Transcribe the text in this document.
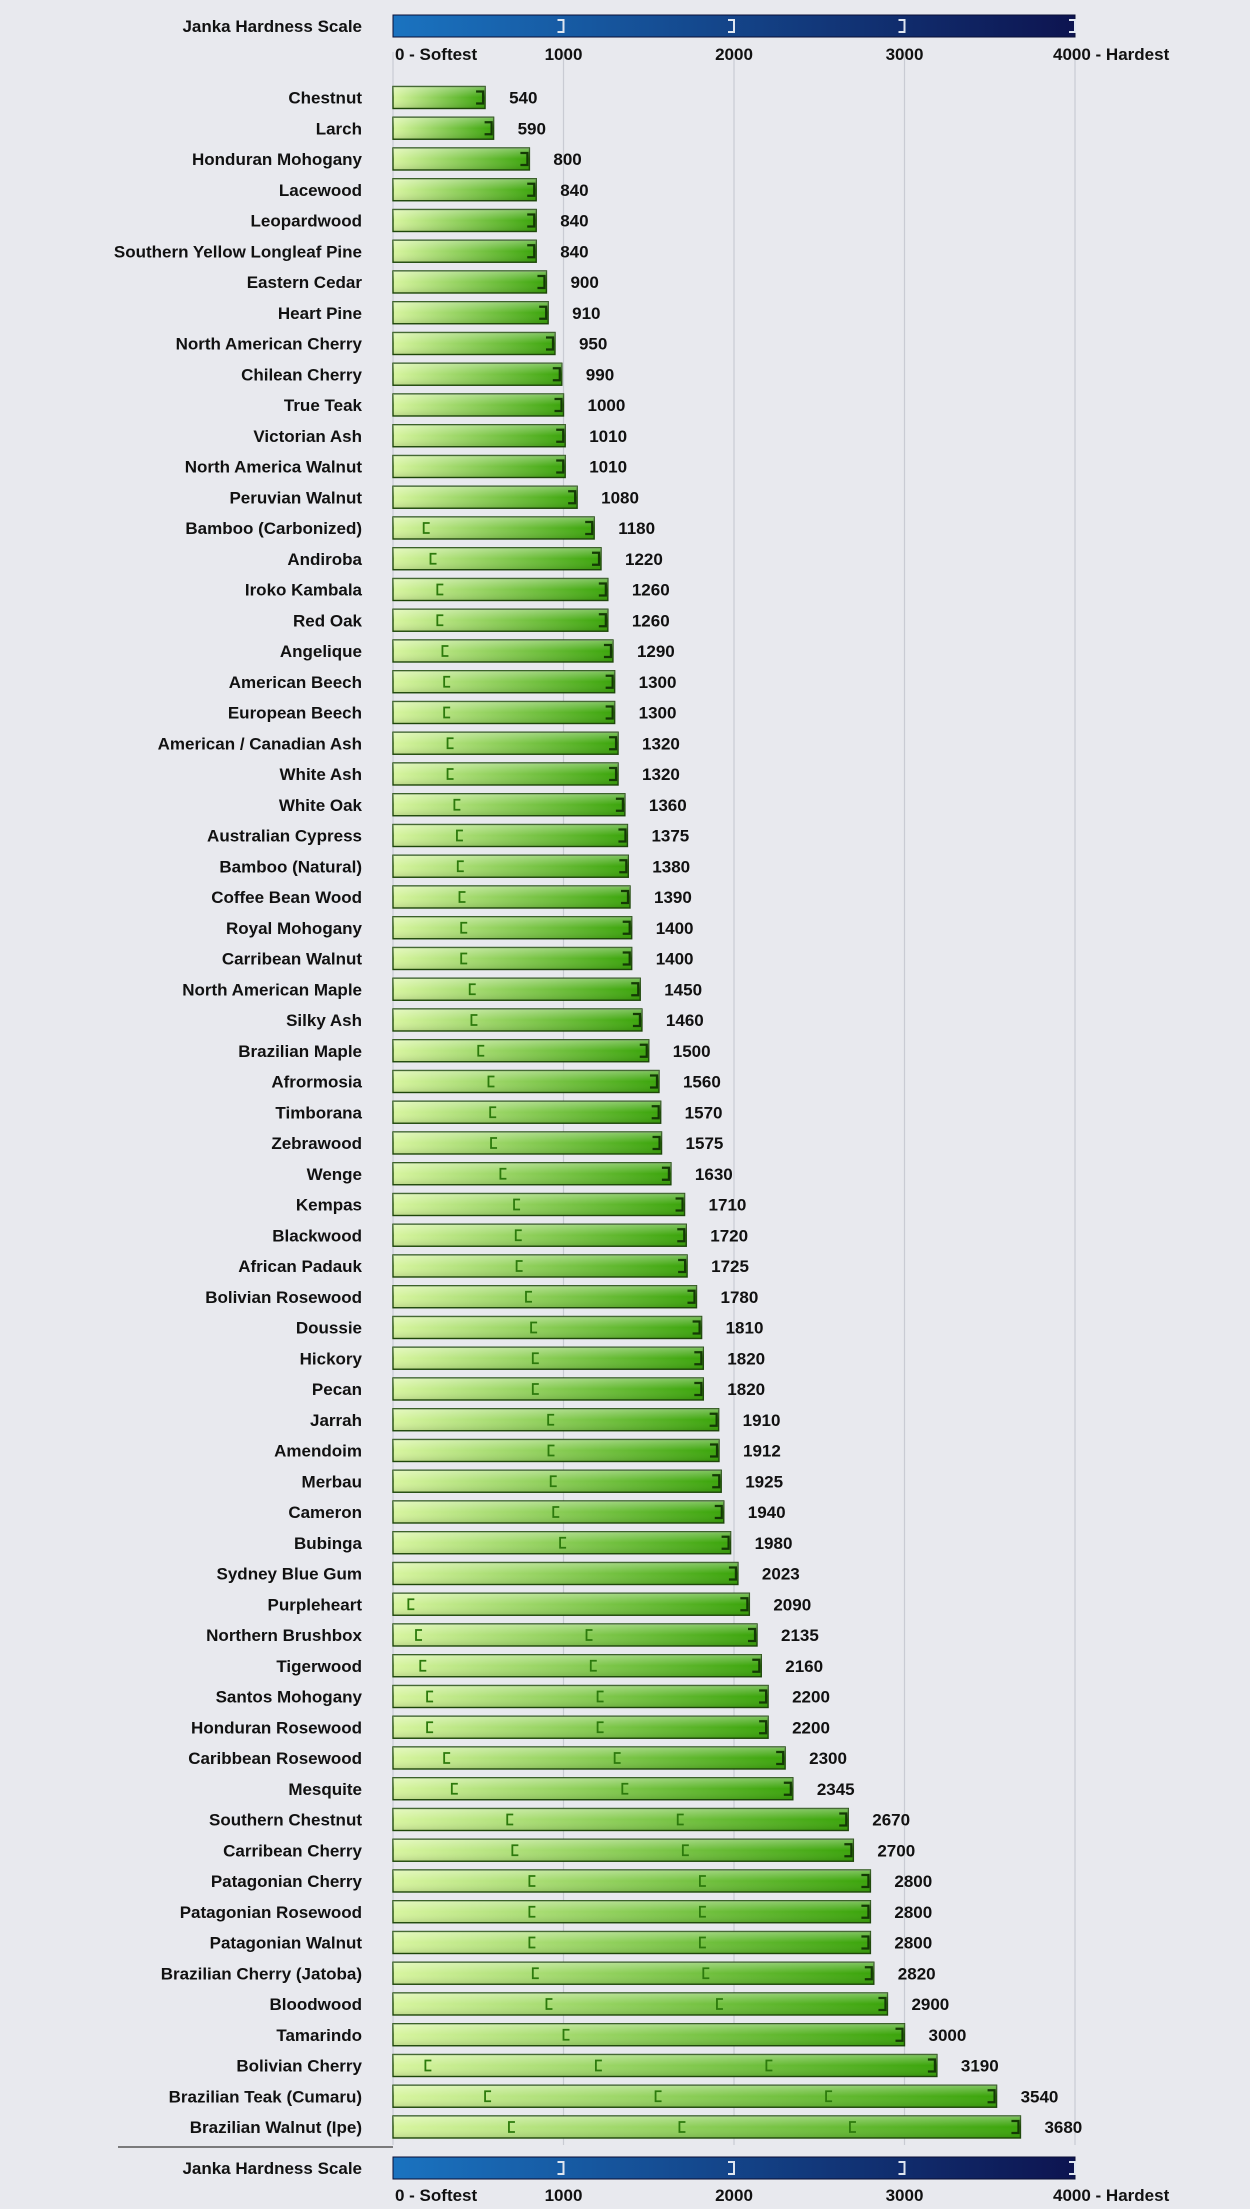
Janka Hardness Scale
0 - Softest	1000	2000	3000	4000 - Hardest
Chestnut	540
Larch	590
Honduran Mohogany	800
Lacewood	840
Leopardwood	840
Southern Yellow Longleaf Pine	840
Eastern Cedar	900
Heart Pine	910
North American Cherry	950
Chilean Cherry	990
True Teak	1000
Victorian Ash	1010
North America Walnut	1010
Peruvian Walnut	1080
Bamboo (Carbonized)	1180
Andiroba	1220
Iroko Kambala	1260
Red Oak	1260
Angelique	1290
American Beech	1300
European Beech	1300
American / Canadian Ash	1320
White Ash	1320
White Oak	1360
Australian Cypress	1375
Bamboo (Natural)	1380
Coffee Bean Wood	1390
Royal Mohogany	1400
Carribean Walnut	1400
North American Maple	1450
Silky Ash	1460
Brazilian Maple	1500
Afrormosia	1560
Timborana	1570
Zebrawood	1575
Wenge	1630
Kempas	1710
Blackwood	1720
African Padauk	1725
Bolivian Rosewood	1780
Doussie	1810
Hickory	1820
Pecan	1820
Jarrah	1910
Amendoim	1912
Merbau	1925
Cameron	1940
Bubinga	1980
Sydney Blue Gum	2023
Purpleheart	2090
Northern Brushbox	2135
Tigerwood	2160
Santos Mohogany	2200
Honduran Rosewood	2200
Caribbean Rosewood	2300
Mesquite	2345
Southern Chestnut	2670
Carribean Cherry	2700
Patagonian Cherry	2800
Patagonian Rosewood	2800
Patagonian Walnut	2800
Brazilian Cherry (Jatoba)	2820
Bloodwood	2900
Tamarindo	3000
Bolivian Cherry	3190
Brazilian Teak (Cumaru)	3540
Brazilian Walnut (Ipe)	3680
Janka Hardness Scale
0 - Softest	1000	2000	3000	4000 - Hardest
